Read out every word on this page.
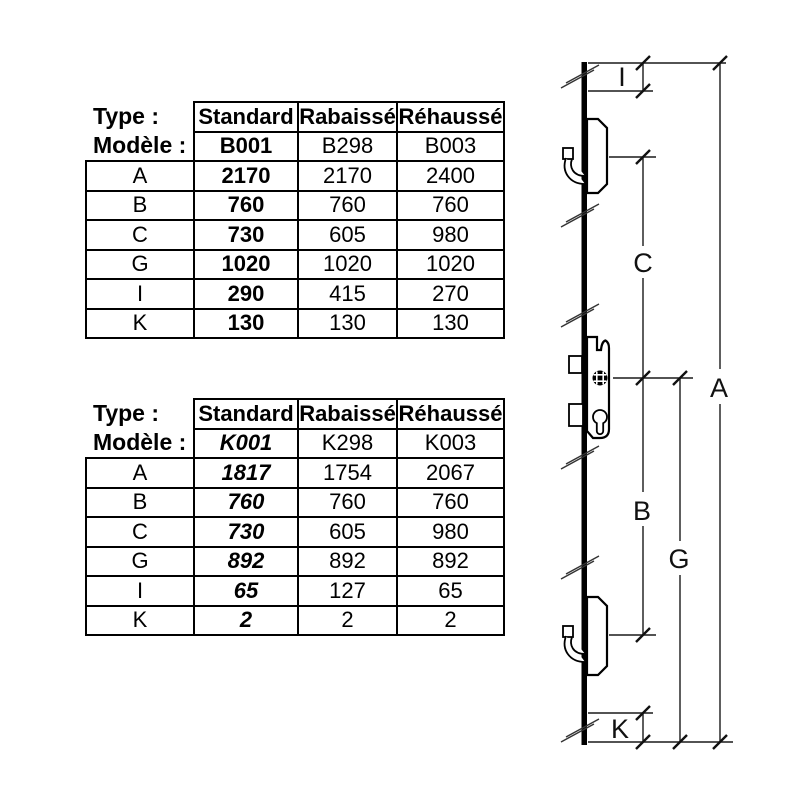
Type :	Standard	Rabaissé	Réhaussé
Modèle :	B001	B298	B003
A	2170	2170	2400
B	760	760	760
C	730	605	980
G	1020	1020	1020
I	290	415	270
K	130	130	130
Type :	Standard	Rabaissé	Réhaussé
Modèle :	K001	K298	K003
A	1817	1754	2067
B	760	760	760
C	730	605	980
G	892	892	892
I	65	127	65
K	2	2	2
I
C
A
B
G
K
